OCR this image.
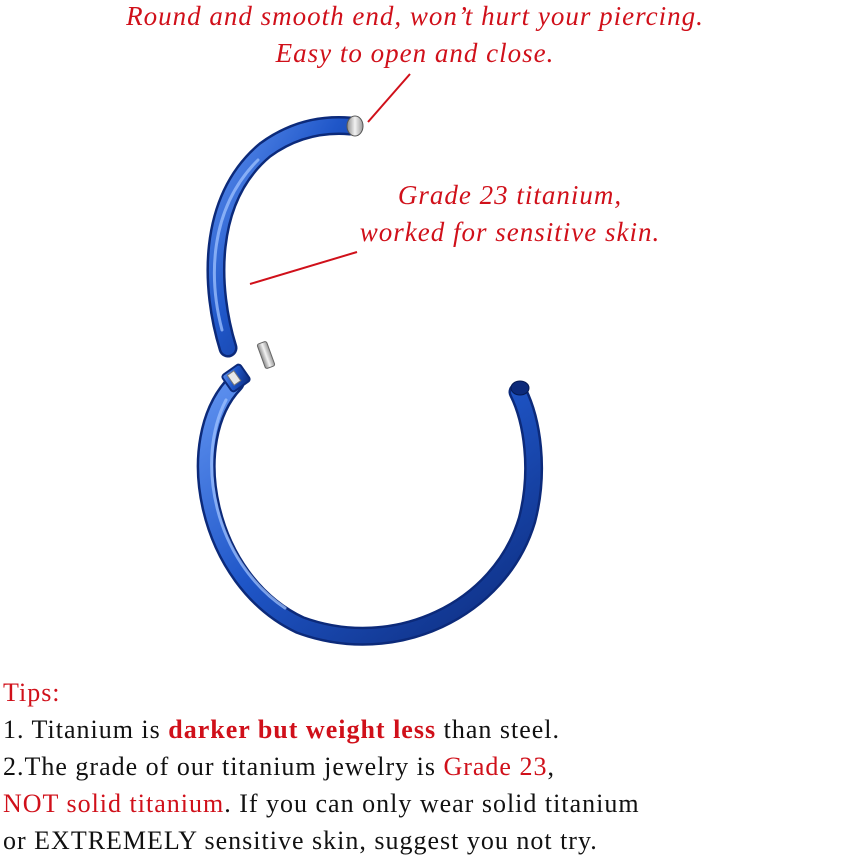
Round and smooth end, won’t hurt your piercing.
Easy to open and close.
Grade 23 titanium,
worked for sensitive skin.
Tips:
1. Titanium is darker but weight less than steel.
2.The grade of our titanium jewelry is Grade 23,
NOT solid titanium. If you can only wear solid titanium
or EXTREMELY sensitive skin, suggest you not try.
